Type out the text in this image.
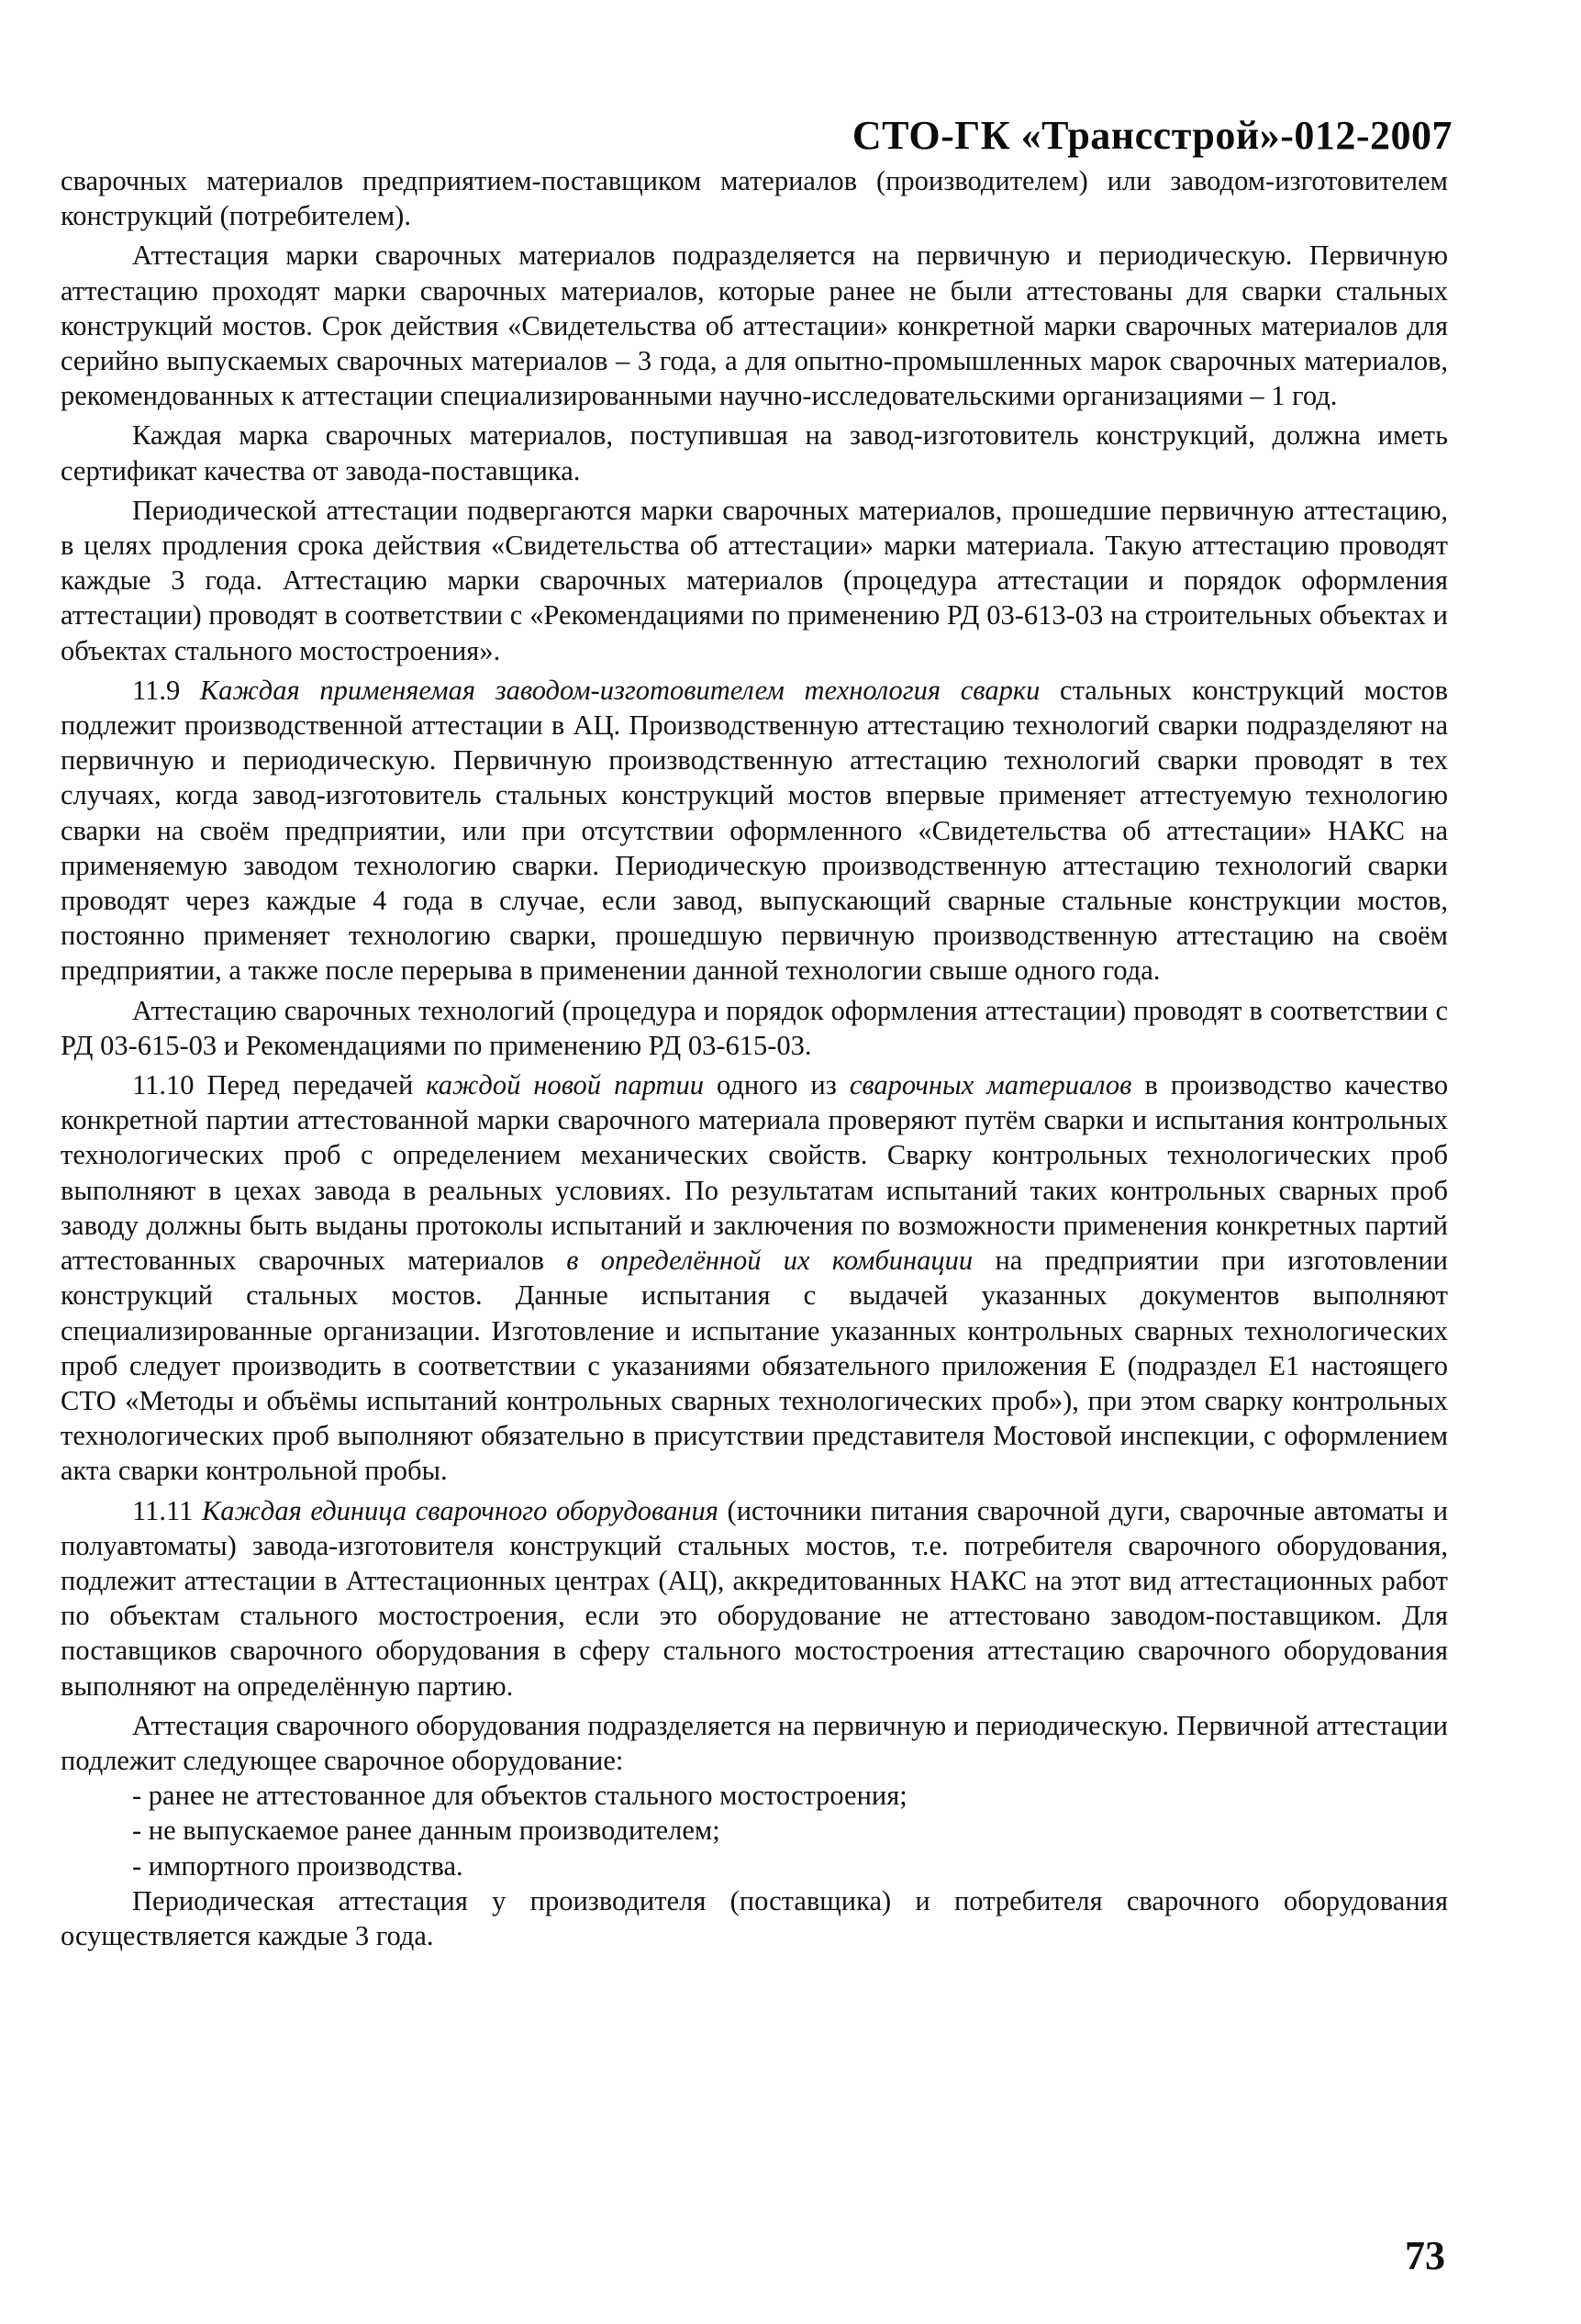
СТО-ГК «Трансстрой»-012-2007

сварочных материалов предприятием-поставщиком материалов (производителем) или заводом-изготовителем конструкций (потребителем).

Аттестация марки сварочных материалов подразделяется на первичную и периодическую. Первичную аттестацию проходят марки сварочных материалов, которые ранее не были аттестованы для сварки стальных конструкций мостов. Срок действия «Свидетельства об аттестации» конкретной марки сварочных материалов для серийно выпускаемых сварочных материалов – 3 года, а для опытно-промышленных марок сварочных материалов, рекомендованных к аттестации специализированными научно-исследовательскими организациями – 1 год.

Каждая марка сварочных материалов, поступившая на завод-изготовитель конструкций, должна иметь сертификат качества от завода-поставщика.

Периодической аттестации подвергаются марки сварочных материалов, прошедшие первичную аттестацию, в целях продления срока действия «Свидетельства об аттестации» марки материала. Такую аттестацию проводят каждые 3 года. Аттестацию марки сварочных материалов (процедура аттестации и порядок оформления аттестации) проводят в соответствии с «Рекомендациями по применению РД 03-613-03 на строительных объектах и объектах стального мостостроения».

11.9 Каждая применяемая заводом-изготовителем технология сварки стальных конструкций мостов подлежит производственной аттестации в АЦ. Производственную аттестацию технологий сварки подразделяют на первичную и периодическую. Первичную производственную аттестацию технологий сварки проводят в тех случаях, когда завод-изготовитель стальных конструкций мостов впервые применяет аттестуемую технологию сварки на своём предприятии, или при отсутствии оформленного «Свидетельства об аттестации» НАКС на применяемую заводом технологию сварки. Периодическую производственную аттестацию технологий сварки проводят через каждые 4 года в случае, если завод, выпускающий сварные стальные конструкции мостов, постоянно применяет технологию сварки, прошедшую первичную производственную аттестацию на своём предприятии, а также после перерыва в применении данной технологии свыше одного года.

Аттестацию сварочных технологий (процедура и порядок оформления аттестации) проводят в соответствии с РД 03-615-03 и Рекомендациями по применению РД 03-615-03.

11.10 Перед передачей каждой новой партии одного из сварочных материалов в производство качество конкретной партии аттестованной марки сварочного материала проверяют путём сварки и испытания контрольных технологических проб с определением механических свойств. Сварку контрольных технологических проб выполняют в цехах завода в реальных условиях. По результатам испытаний таких контрольных сварных проб заводу должны быть выданы протоколы испытаний и заключения по возможности применения конкретных партий аттестованных сварочных материалов в определённой их комбинации на предприятии при изготовлении конструкций стальных мостов. Данные испытания с выдачей указанных документов выполняют специализированные организации. Изготовление и испытание указанных контрольных сварных технологических проб следует производить в соответствии с указаниями обязательного приложения Е (подраздел Е1 настоящего СТО «Методы и объёмы испытаний контрольных сварных технологических проб»), при этом сварку контрольных технологических проб выполняют обязательно в присутствии представителя Мостовой инспекции, с оформлением акта сварки контрольной пробы.

11.11 Каждая единица сварочного оборудования (источники питания сварочной дуги, сварочные автоматы и полуавтоматы) завода-изготовителя конструкций стальных мостов, т.е. потребителя сварочного оборудования, подлежит аттестации в Аттестационных центрах (АЦ), аккредитованных НАКС на этот вид аттестационных работ по объектам стального мостостроения, если это оборудование не аттестовано заводом-поставщиком. Для поставщиков сварочного оборудования в сферу стального мостостроения аттестацию сварочного оборудования выполняют на определённую партию.

Аттестация сварочного оборудования подразделяется на первичную и периодическую. Первичной аттестации подлежит следующее сварочное оборудование:

- ранее не аттестованное для объектов стального мостостроения;

- не выпускаемое ранее данным производителем;

- импортного производства.

Периодическая аттестация у производителя (поставщика) и потребителя сварочного оборудования осуществляется каждые 3 года.

73
